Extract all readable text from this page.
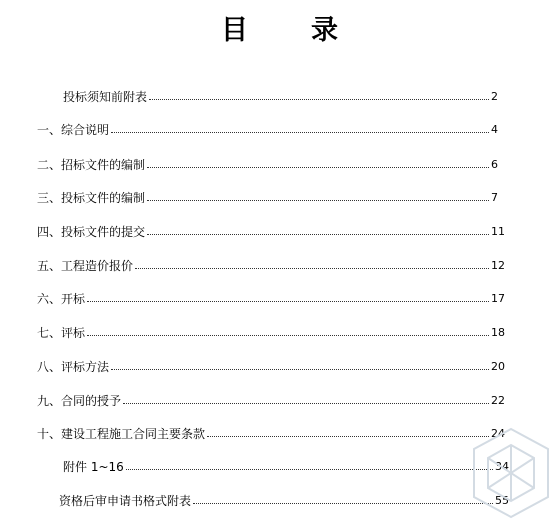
目 录
投标须知前附表	2
一、综合说明	4
二、招标文件的编制	6
三、投标文件的编制	7
四、投标文件的提交	11
五、工程造价报价	12
六、开标	17
七、评标	18
八、评标方法	20
九、合同的授予	22
十、建设工程施工合同主要条款	24
附件 1~16	34
资格后审申请书格式附表	55
